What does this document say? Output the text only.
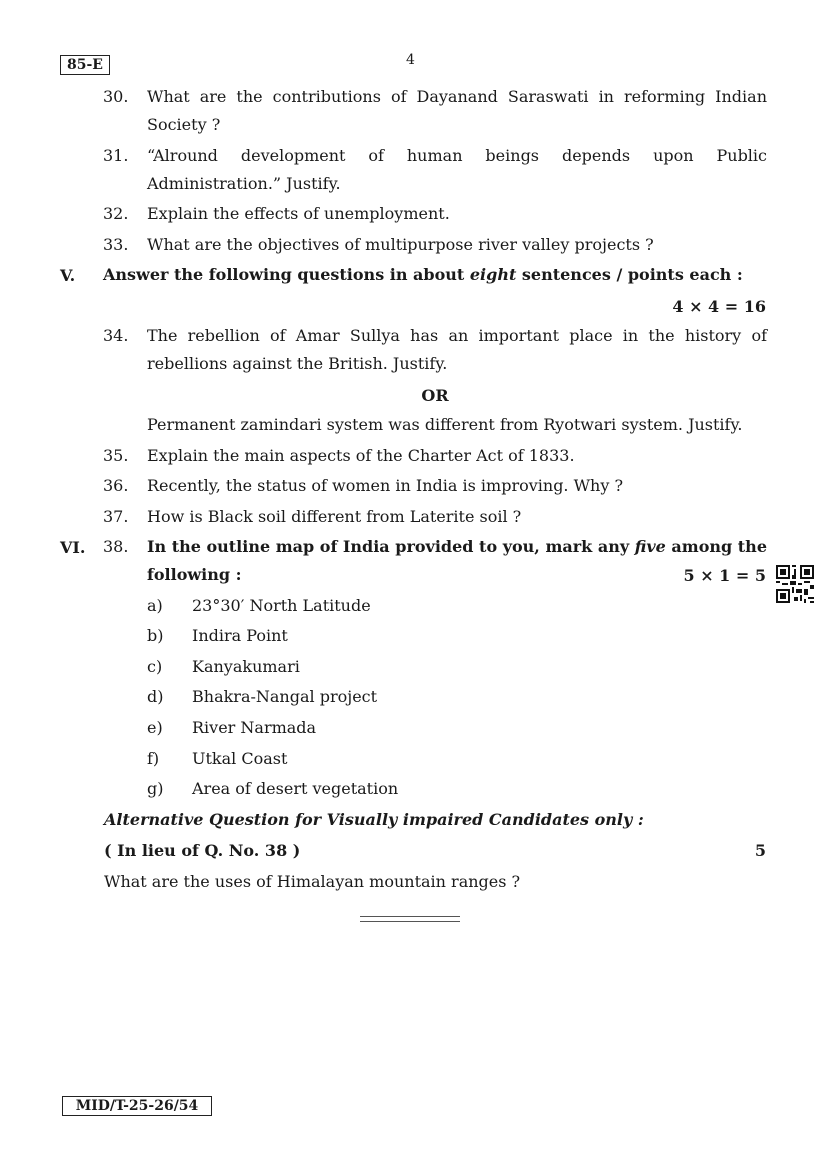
85-E	4
30.	What are the contributions of Dayanand Saraswati in reforming Indian
Society ?
31.	“Alround development of human beings depends upon Public
Administration.” Justify.
32.	Explain the effects of unemployment.
33.	What are the objectives of multipurpose river valley projects ?
V. Answer the following questions in about eight sentences / points each :
4 × 4 = 16
34.	The rebellion of Amar Sullya has an important place in the history of
rebellions against the British. Justify.
OR
Permanent zamindari system was different from Ryotwari system. Justify.
35.	Explain the main aspects of the Charter Act of 1833.
36.	Recently, the status of women in India is improving. Why ?
37.	How is Black soil different from Laterite soil ?
VI. 38.	In the outline map of India provided to you, mark any five among the
following :	5 × 1 = 5
a) 23°30′ North Latitude
b) Indira Point
c) Kanyakumari
d) Bhakra-Nangal project
e) River Narmada
f) Utkal Coast
g) Area of desert vegetation
Alternative Question for Visually impaired Candidates only :
( In lieu of Q. No. 38 )	5
What are the uses of Himalayan mountain ranges ?
MID/T-25-26/54
